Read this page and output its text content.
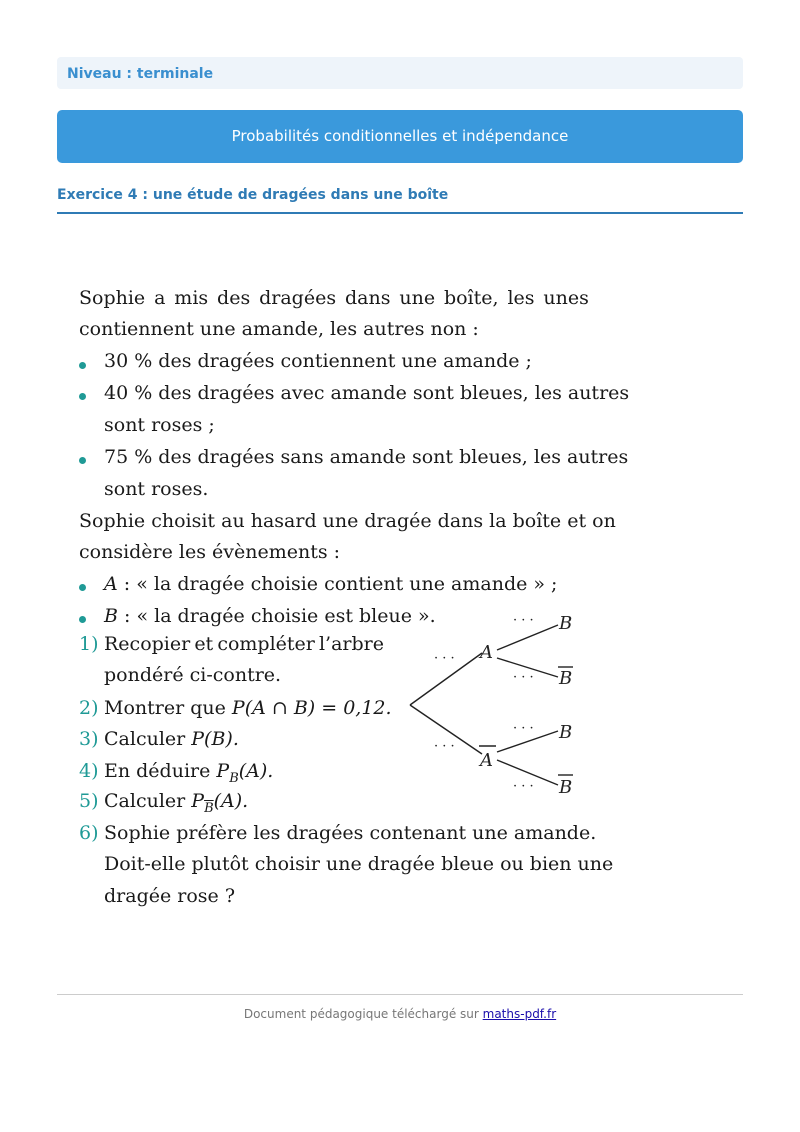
Niveau : terminale
Probabilités conditionnelles et indépendance
Exercice 4 : une étude de dragées dans une boîte
Sophie a mis des dragées dans une boîte, les unes
contiennent une amande, les autres non :
30 % des dragées contiennent une amande ;
40 % des dragées avec amande sont bleues, les autres
sont roses ;
75 % des dragées sans amande sont bleues, les autres
sont roses.
Sophie choisit au hasard une dragée dans la boîte et on
considère les évènements :
A : « la dragée choisie contient une amande » ;
B : « la dragée choisie est bleue ».
1) Recopier et compléter l’arbre
pondéré ci-contre.
2) Montrer que P(A ∩ B) = 0,12.
3) Calculer P(B).
4) En déduire $P_B(A)$.
5) Calculer $P_{\overline{B}}(A)$.
6) Sophie préfère les dragées contenant une amande.
Doit-elle plutôt choisir une dragée bleue ou bien une
dragée rose ?
A
A
B
B
B
B
· · ·
· · ·
· · ·
· · ·
· · ·
· · ·
Document pédagogique téléchargé sur maths-pdf.fr
